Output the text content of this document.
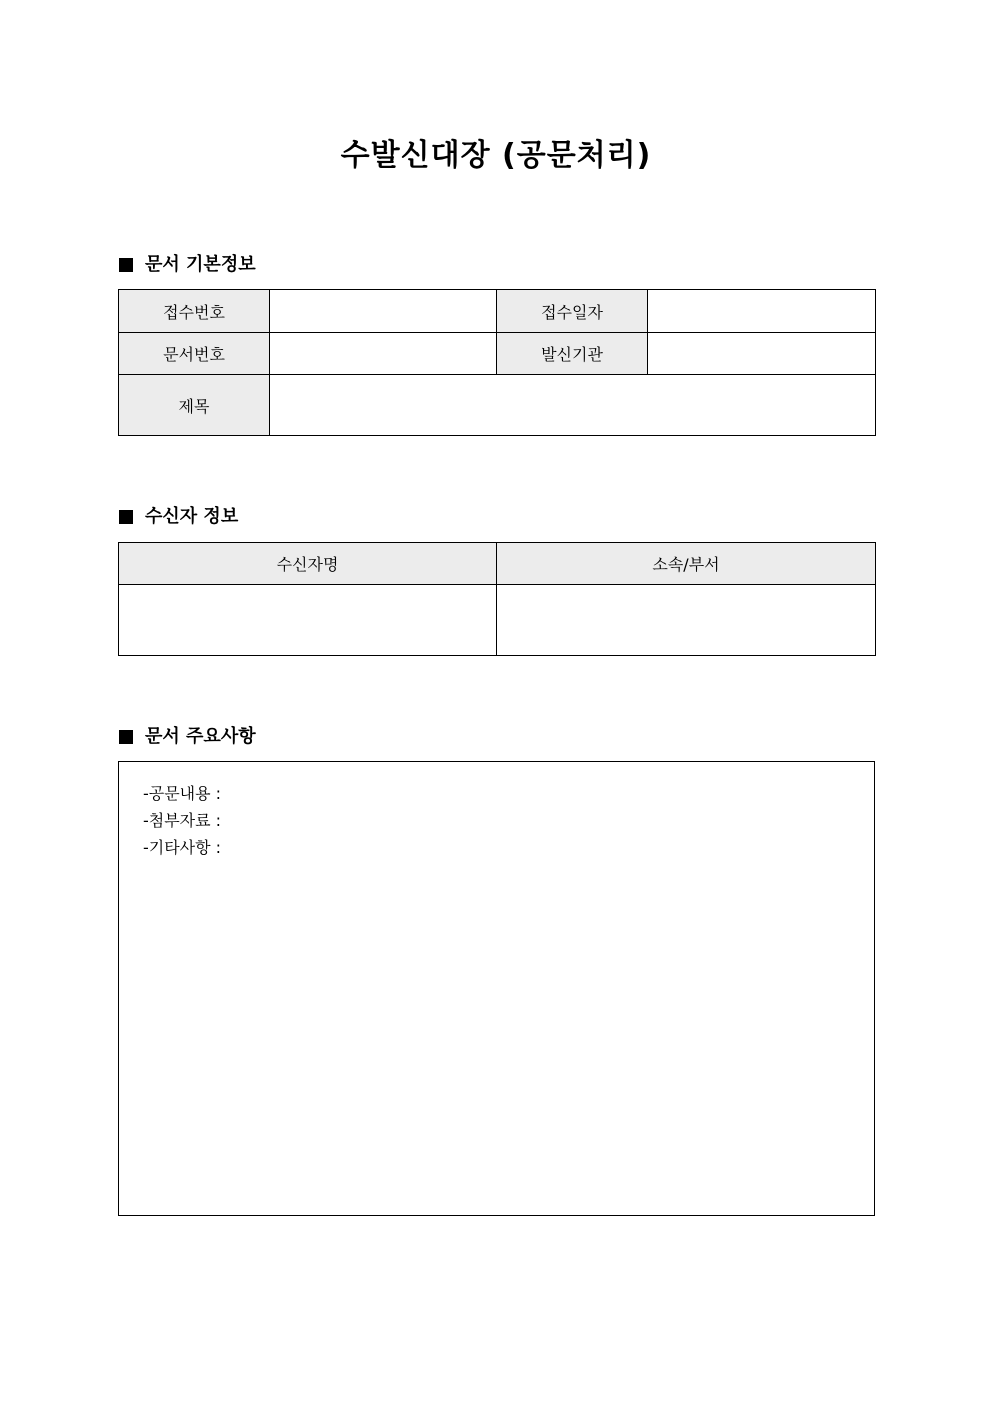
수발신대장 (공문처리)
문서 기본정보
접수번호		접수일자	
문서번호		발신기관	
제목			
수신자 정보
수신자명	소속/부서

문서 주요사항
-공문내용 :
-첨부자료 :
-기타사항 :
